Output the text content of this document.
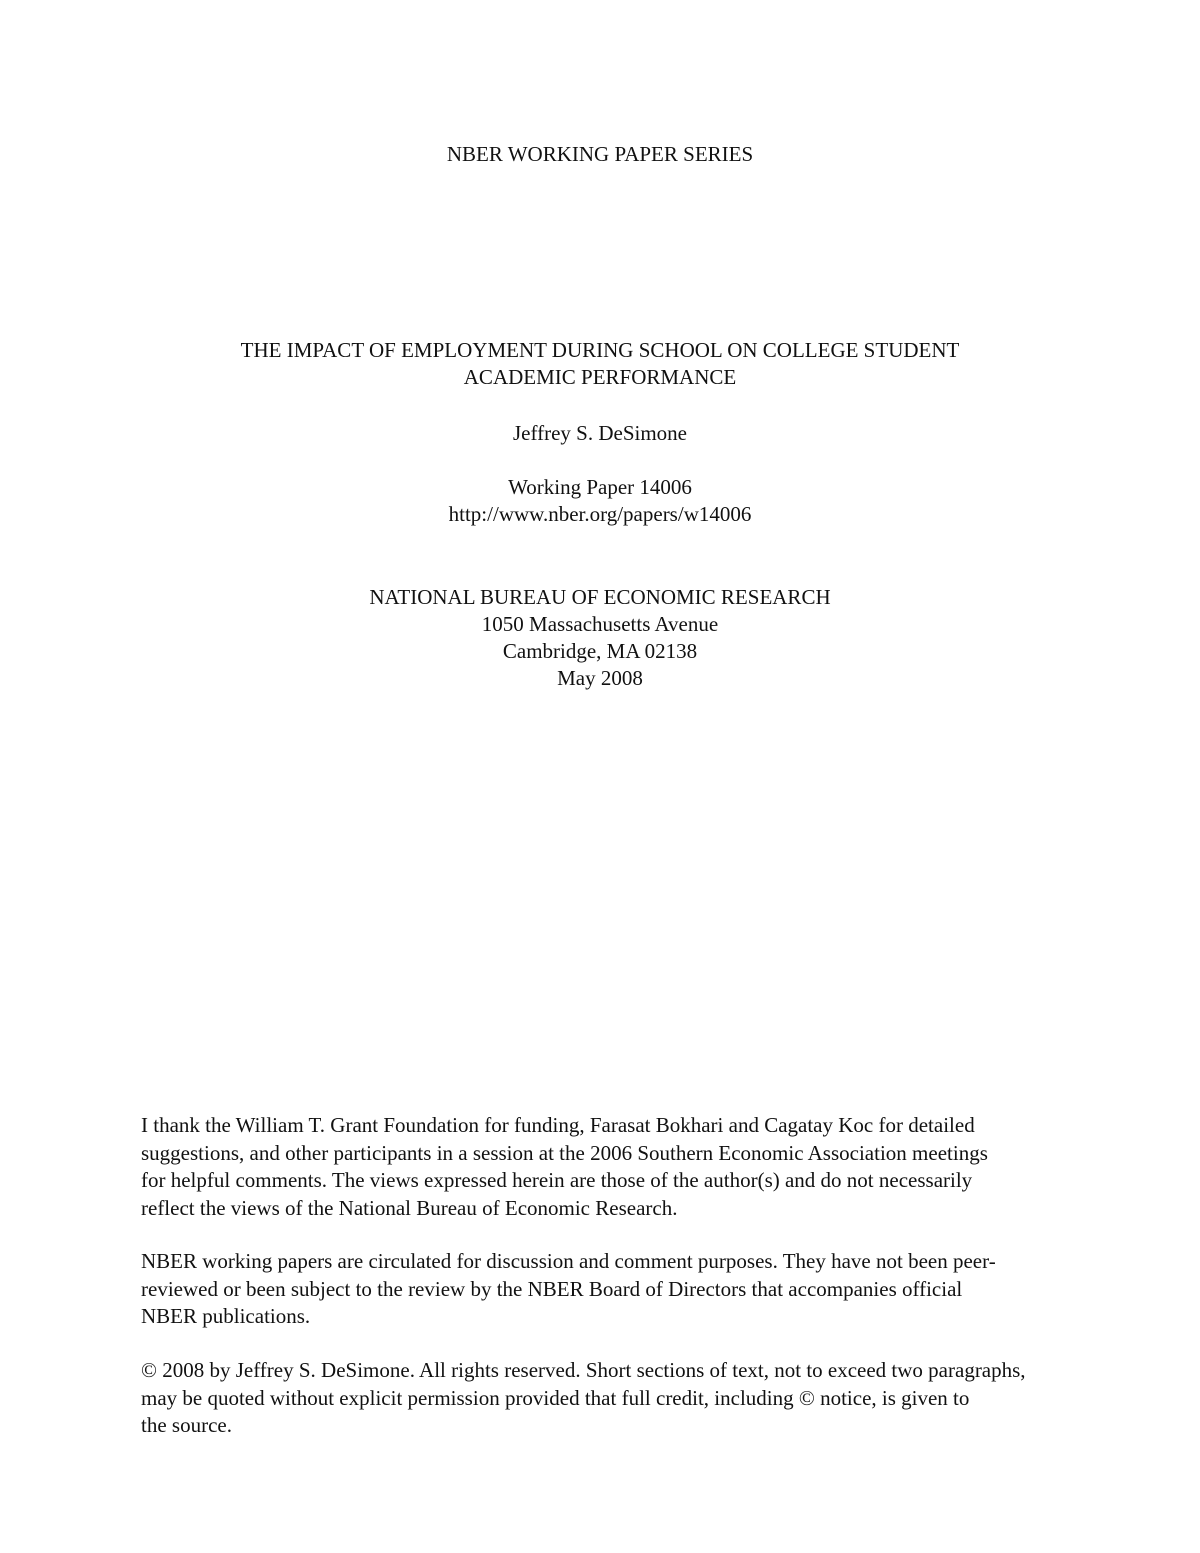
NBER WORKING PAPER SERIES
THE IMPACT OF EMPLOYMENT DURING SCHOOL ON COLLEGE STUDENT
ACADEMIC PERFORMANCE
Jeffrey S. DeSimone
Working Paper 14006
http://www.nber.org/papers/w14006
NATIONAL BUREAU OF ECONOMIC RESEARCH
1050 Massachusetts Avenue
Cambridge, MA 02138
May 2008
I thank the William T. Grant Foundation for funding, Farasat Bokhari and Cagatay Koc for detailed
suggestions, and other participants in a session at the 2006 Southern Economic Association meetings
for helpful comments. The views expressed herein are those of the author(s) and do not necessarily
reflect the views of the National Bureau of Economic Research.
NBER working papers are circulated for discussion and comment purposes. They have not been peer-
reviewed or been subject to the review by the NBER Board of Directors that accompanies official
NBER publications.
© 2008 by Jeffrey S. DeSimone. All rights reserved. Short sections of text, not to exceed two paragraphs,
may be quoted without explicit permission provided that full credit, including © notice, is given to
the source.
